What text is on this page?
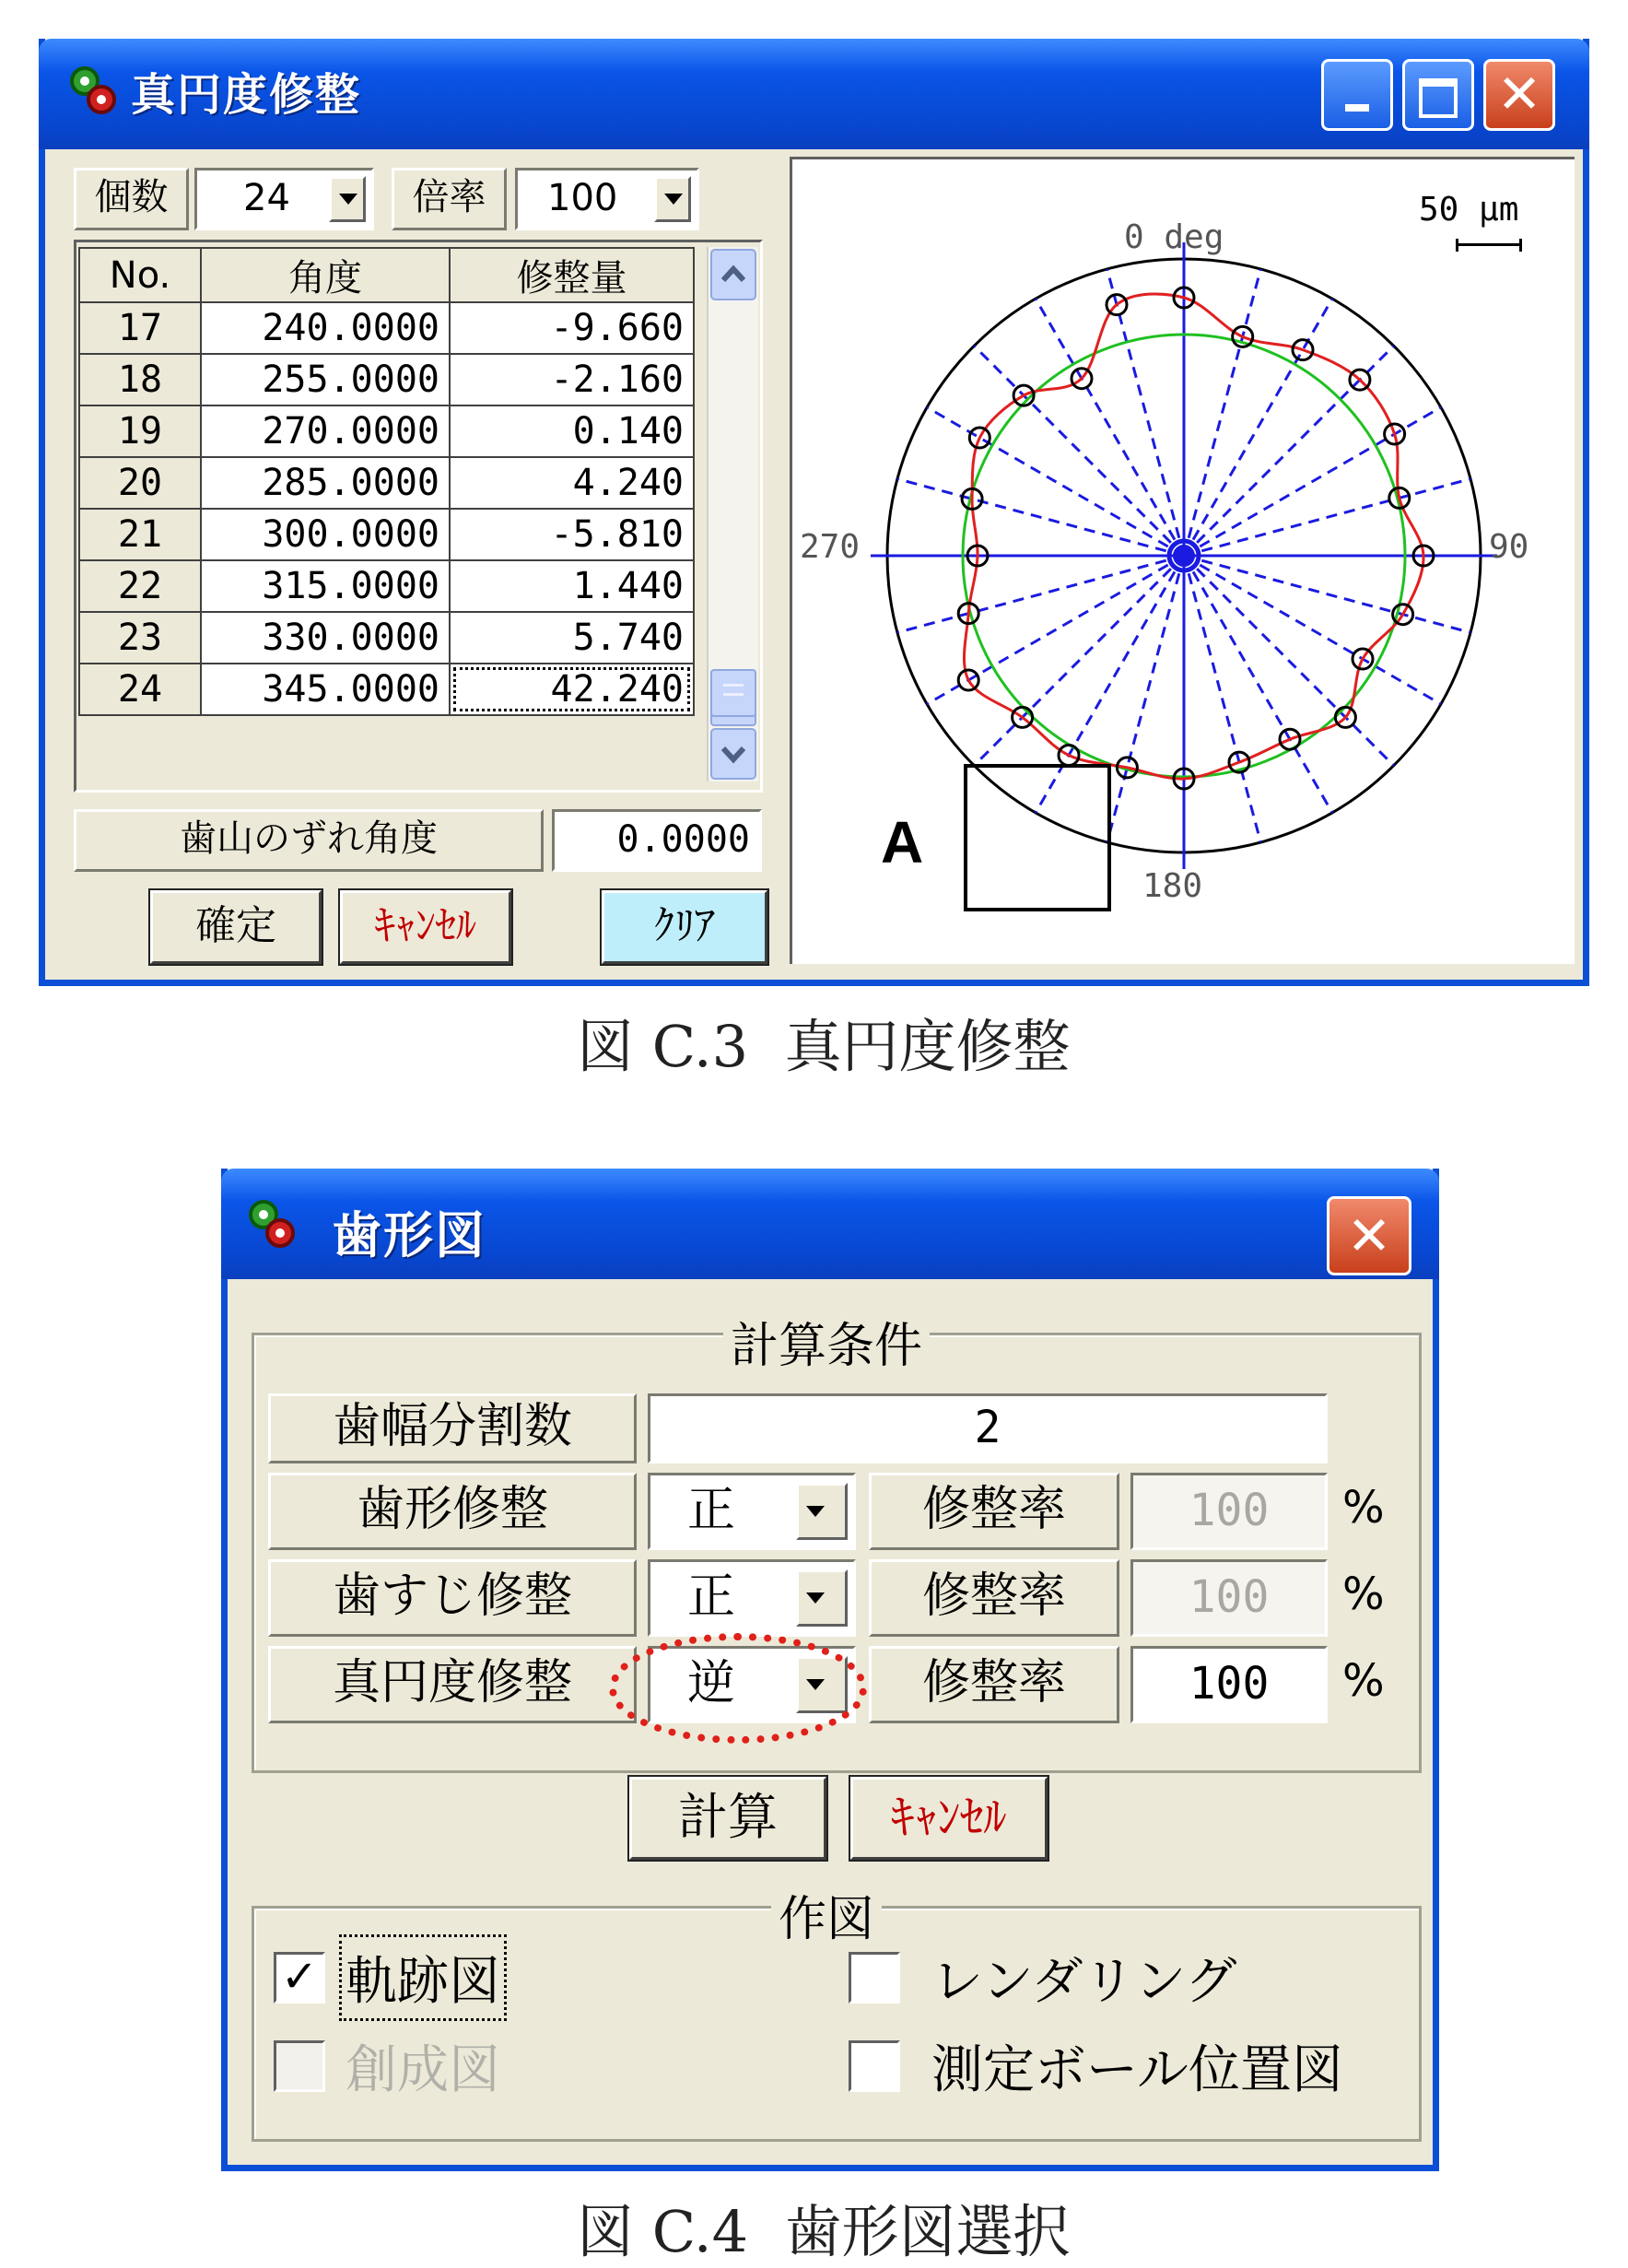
真円度修整	✕
個数	24	倍率	100
No.	角度	修整量
17	240.0000	-9.660
18	255.0000	-2.160
19	270.0000	0.140
20	285.0000	4.240
21	300.0000	-5.810
22	315.0000	1.440
23	330.0000	5.740
24	345.0000	42.240
歯山のずれ角度	0.0000
確定	ｷｬﾝｾﾙ	ｸﾘｱ
50 μm
0 deg
90
180
270
A
図 C.3  真円度修整
歯形図	✕
計算条件
歯幅分割数	2
歯形修整	正	修整率	100	%
歯すじ修整	正	修整率	100	%
真円度修整	逆	修整率	100	%
計算	ｷｬﾝｾﾙ
作図
✓ 軌跡図	レンダリング
創成図	測定ボール位置図
図 C.4  歯形図選択
